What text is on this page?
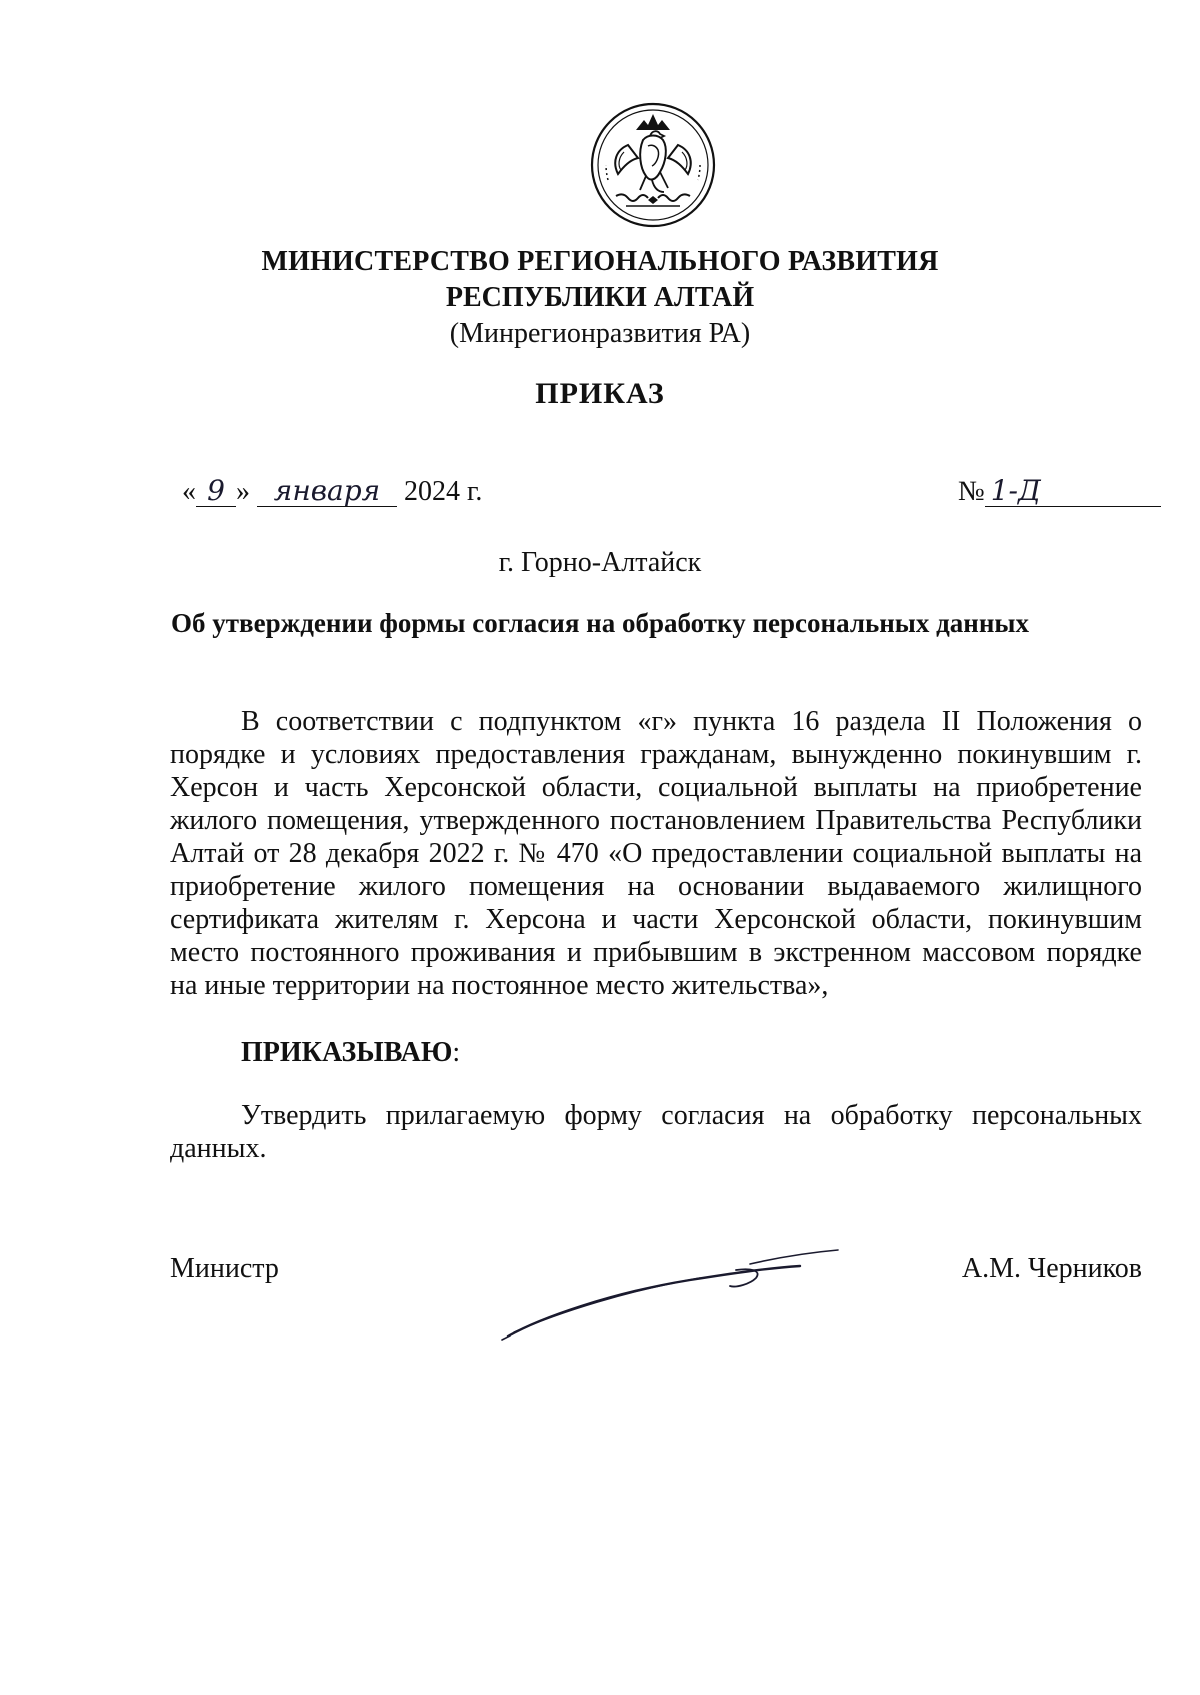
МИНИСТЕРСТВО РЕГИОНАЛЬНОГО РАЗВИТИЯ
РЕСПУБЛИКИ АЛТАЙ
(Минрегионразвития РА)
ПРИКАЗ
« 9 » января 2024 г.	№ 1-Д
г. Горно-Алтайск
Об утверждении формы согласия на обработку персональных данных
В соответствии с подпунктом «г» пункта 16 раздела II Положения о порядке и условиях предоставления гражданам, вынужденно покинувшим г. Херсон и часть Херсонской области, социальной выплаты на приобретение жилого помещения, утвержденного постановлением Правительства Республики Алтай от 28 декабря 2022 г. № 470 «О предоставлении социальной выплаты на приобретение жилого помещения на основании выдаваемого жилищного сертификата жителям г. Херсона и части Херсонской области, покинувшим место постоянного проживания и прибывшим в экстренном массовом порядке на иные территории на постоянное место жительства»,
ПРИКАЗЫВАЮ:
Утвердить прилагаемую форму согласия на обработку персональных данных.
Министр	А.М. Черников
